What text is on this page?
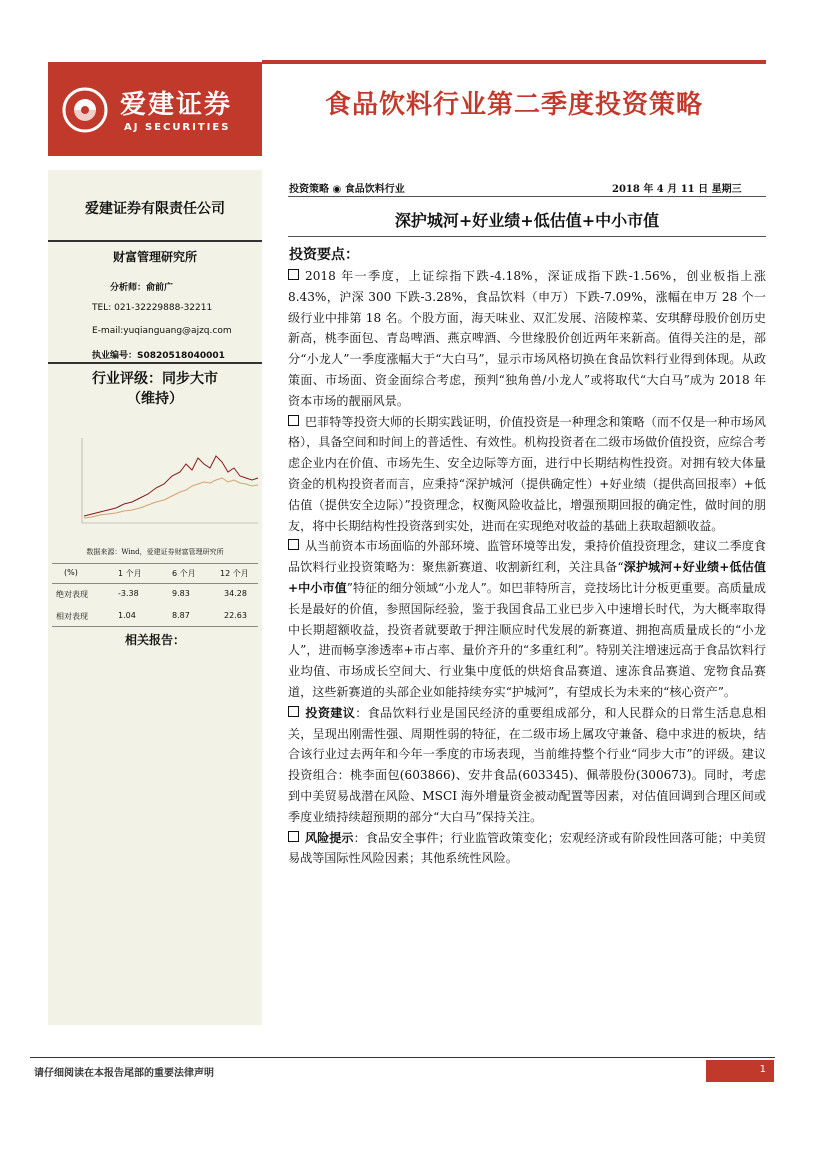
爱建证券
AJ SECURITIES
食品饮料行业第二季度投资策略
爱建证券有限责任公司
财富管理研究所
分析师：俞前广
TEL: 021-32229888-32211
E-mail:yuqianguang@ajzq.com
执业编号：S0820518040001
行业评级：同步大市
（维持）
数据来源：Wind，爱建证券财富管理研究所
(%)	1 个月	6 个月	12 个月
绝对表现	-3.38	9.83	34.28
相对表现	1.04	8.87	22.63
相关报告：
投资策略 ◉ 食品饮料行业	2018 年 4 月 11 日 星期三
深护城河+好业绩+低估值+中小市值
投资要点：

2018 年一季度，上证综指下跌-4.18%，深证成指下跌-1.56%，创业板指上涨 8.43%，沪深 300 下跌-3.28%，食品饮料（申万）下跌-7.09%，涨幅在申万 28 个一级行业中排第 18 名。个股方面，海天味业、双汇发展、涪陵榨菜、安琪酵母股价创历史新高，桃李面包、青岛啤酒、燕京啤酒、今世缘股价创近两年来新高。值得关注的是，部分“小龙人”一季度涨幅大于“大白马”，显示市场风格切换在食品饮料行业得到体现。从政策面、市场面、资金面综合考虑，预判“独角兽/小龙人”或将取代“大白马”成为 2018 年资本市场的靓丽风景。

巴菲特等投资大师的长期实践证明，价值投资是一种理念和策略（而不仅是一种市场风格），具备空间和时间上的普适性、有效性。机构投资者在二级市场做价值投资，应综合考虑企业内在价值、市场先生、安全边际等方面，进行中长期结构性投资。对拥有较大体量资金的机构投资者而言，应秉持“深护城河（提供确定性）+好业绩（提供高回报率）+低估值（提供安全边际）”投资理念，权衡风险收益比，增强预期回报的确定性，做时间的朋友，将中长期结构性投资落到实处，进而在实现绝对收益的基础上获取超额收益。

从当前资本市场面临的外部环境、监管环境等出发，秉持价值投资理念，建议二季度食品饮料行业投资策略为：聚焦新赛道、收割新红利，关注具备“深护城河+好业绩+低估值+中小市值”特征的细分领域“小龙人”。如巴菲特所言，竞技场比计分板更重要。高质量成长是最好的价值，参照国际经验，鉴于我国食品工业已步入中速增长时代，为大概率取得中长期超额收益，投资者就要敢于押注顺应时代发展的新赛道、拥抱高质量成长的“小龙人”，进而畅享渗透率+市占率、量价齐升的“多重红利”。特别关注增速远高于食品饮料行业均值、市场成长空间大、行业集中度低的烘焙食品赛道、速冻食品赛道、宠物食品赛道，这些新赛道的头部企业如能持续夯实“护城河”，有望成长为未来的“核心资产”。

投资建议：食品饮料行业是国民经济的重要组成部分，和人民群众的日常生活息息相关，呈现出刚需性强、周期性弱的特征，在二级市场上属攻守兼备、稳中求进的板块，结合该行业过去两年和今年一季度的市场表现，当前维持整个行业“同步大市”的评级。建议投资组合：桃李面包(603866)、安井食品(603345)、佩蒂股份(300673)。同时，考虑到中美贸易战潜在风险、MSCI 海外增量资金被动配置等因素，对估值回调到合理区间或季度业绩持续超预期的部分“大白马”保持关注。

风险提示：食品安全事件；行业监管政策变化；宏观经济或有阶段性回落可能；中美贸易战等国际性风险因素；其他系统性风险。

请仔细阅读在本报告尾部的重要法律声明	1
